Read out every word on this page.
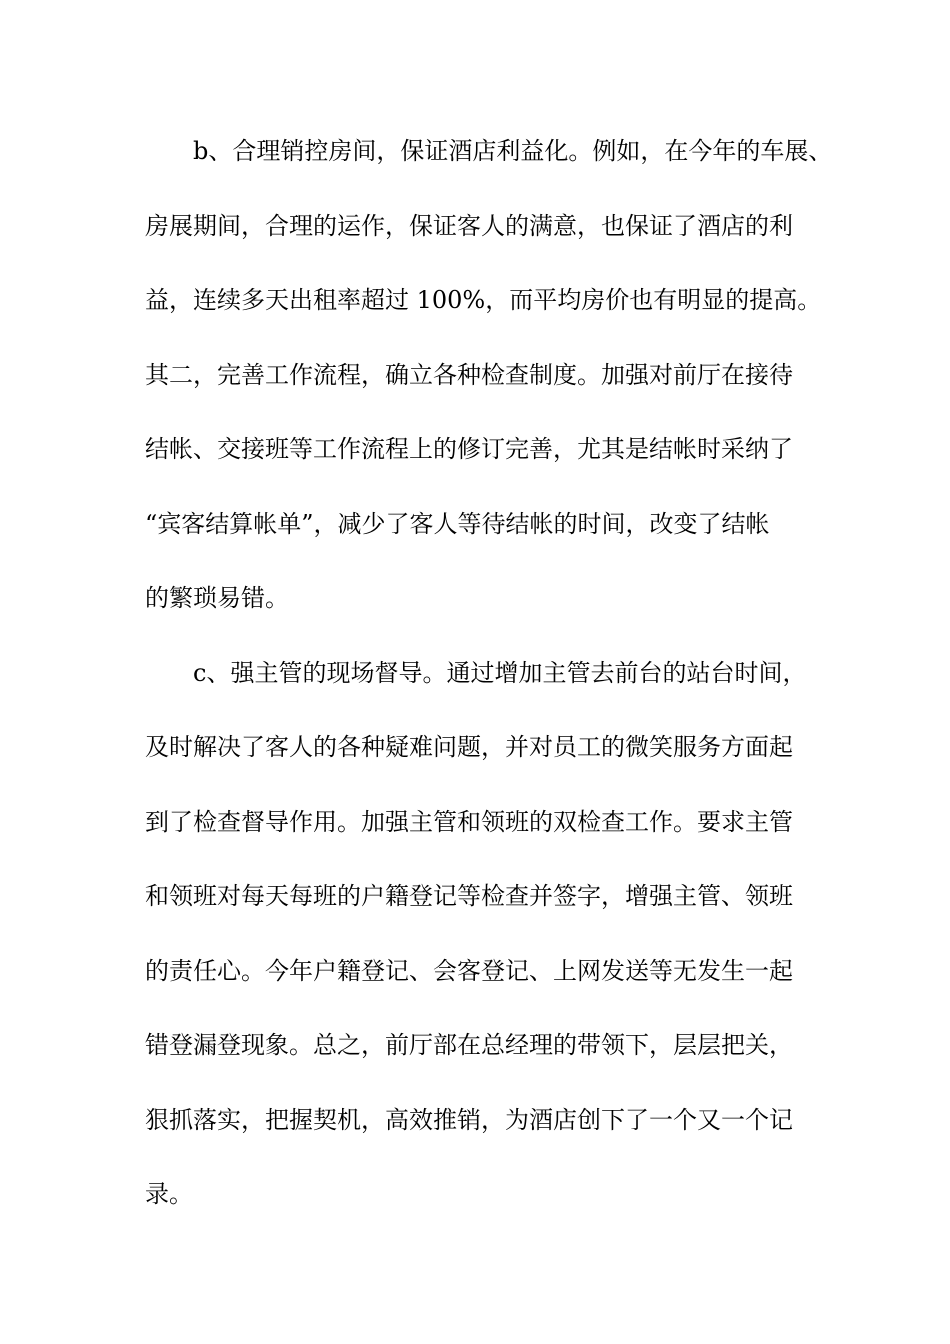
b、合理销控房间，保证酒店利益化。例如，在今年的车展、
房展期间，合理的运作，保证客人的满意，也保证了酒店的利
益，连续多天出租率超过 100%，而平均房价也有明显的提高。
其二，完善工作流程，确立各种检查制度。加强对前厅在接待
结帐、交接班等工作流程上的修订完善，尤其是结帐时采纳了
“宾客结算帐单”，减少了客人等待结帐的时间，改变了结帐
的繁琐易错。
c、强主管的现场督导。通过增加主管去前台的站台时间，
及时解决了客人的各种疑难问题，并对员工的微笑服务方面起
到了检查督导作用。加强主管和领班的双检查工作。要求主管
和领班对每天每班的户籍登记等检查并签字，增强主管、领班
的责任心。今年户籍登记、会客登记、上网发送等无发生一起
错登漏登现象。总之，前厅部在总经理的带领下，层层把关，
狠抓落实，把握契机，高效推销，为酒店创下了一个又一个记
录。
